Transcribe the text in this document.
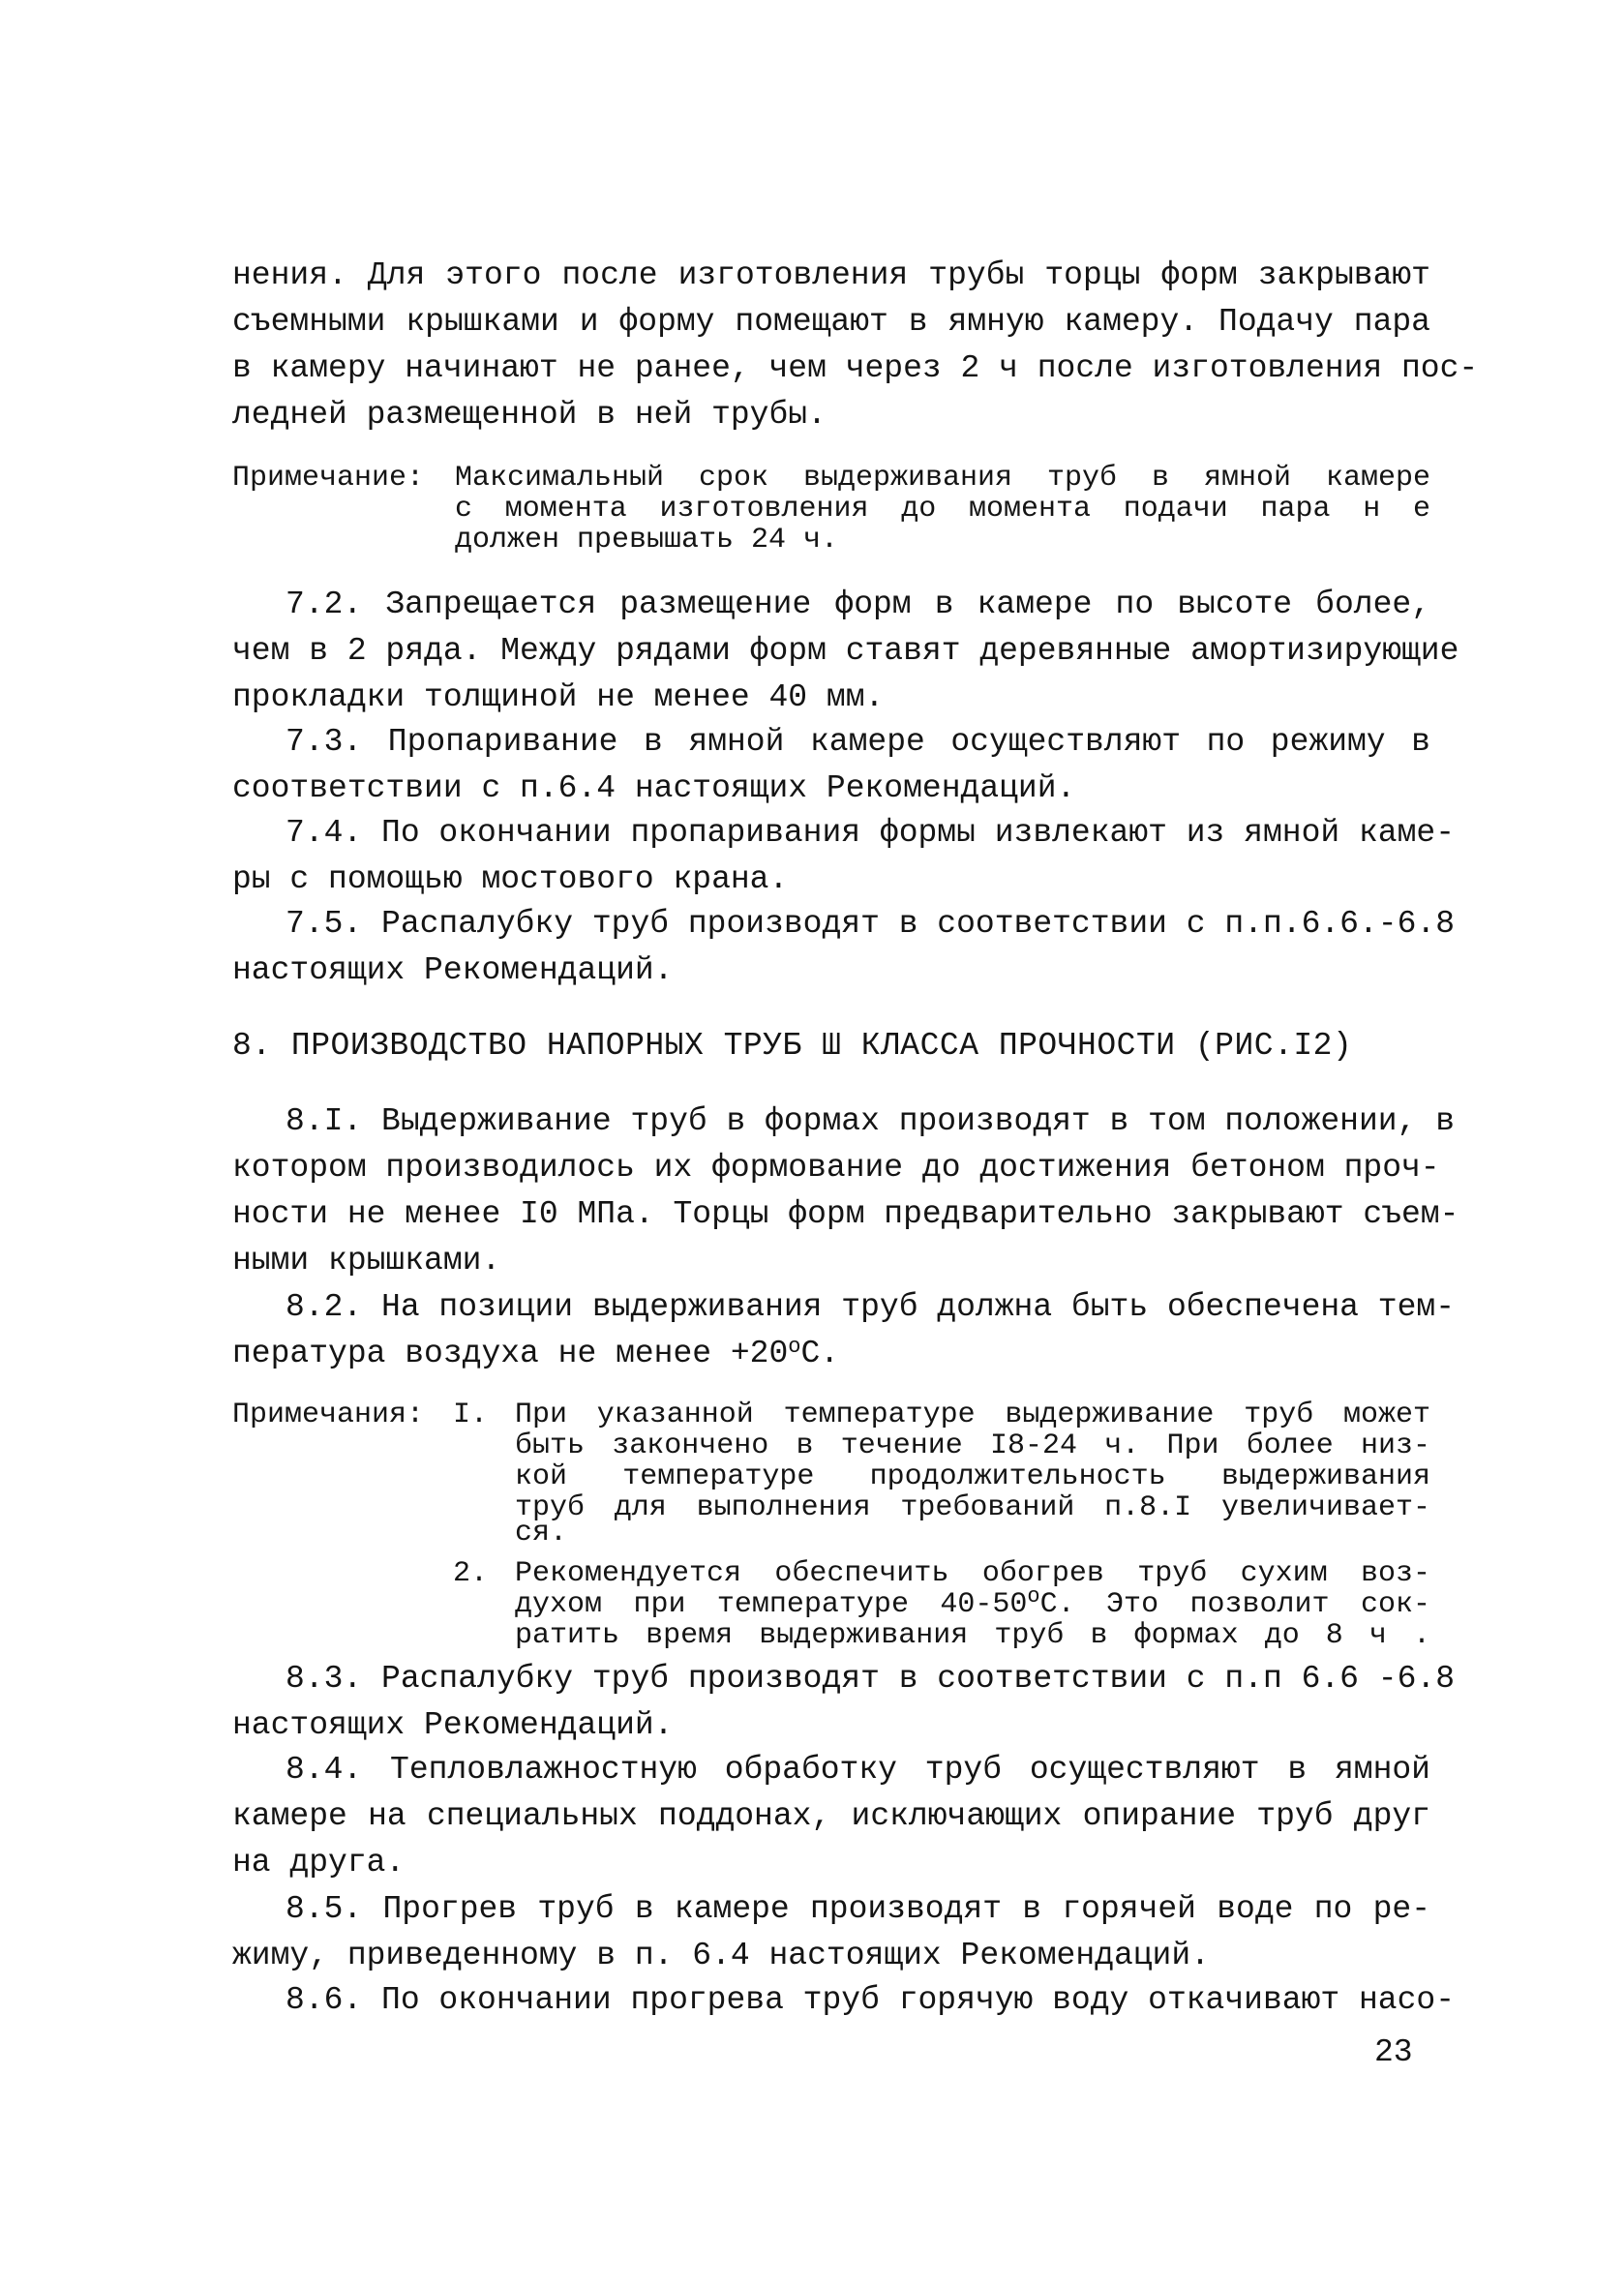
нения. Для этого после изготовления трубы торцы форм закрывают
съемными крышками и форму помещают в ямную камеру. Подачу пара
в камеру начинают не ранее, чем через 2 ч после изготовления пос-
ледней размещенной в ней трубы.
Примечание: Максимальный срок выдерживания труб в ямной камере
с момента изготовления до момента подачи пара н е
должен превышать 24 ч.
7.2. Запрещается размещение форм в камере по высоте более,
чем в 2 ряда. Между рядами форм ставят деревянные амортизирующие
прокладки толщиной не менее 40 мм.
7.3. Пропаривание в ямной камере осуществляют по режиму в
соответствии с п.6.4 настоящих Рекомендаций.
7.4. По окончании пропаривания формы извлекают из ямной каме-
ры с помощью мостового крана.
7.5. Распалубку труб производят в соответствии с п.п.6.6.-6.8
настоящих Рекомендаций.
8. ПРОИЗВОДСТВО НАПОРНЫХ ТРУБ Ш КЛАССА ПРОЧНОСТИ (РИС.I2)
8.I. Выдерживание труб в формах производят в том положении, в
котором производилось их формование до достижения бетоном проч-
ности не менее I0 МПа. Торцы форм предварительно закрывают съем-
ными крышками.
8.2. На позиции выдерживания труб должна быть обеспечена тем-
пература воздуха не менее $+20^оС$.
Примечания: I. При указанной температуре выдерживание труб может
быть закончено в течение I8-24 ч. При более низ-
кой температуре продолжительность выдерживания
труб для выполнения требований п.8.I увеличивает-
ся.
2. Рекомендуется обеспечить обогрев труб сухим воз-
духом при температуре $40-50^оС$. Это позволит сок-
ратить время выдерживания труб в формах до 8 ч .
8.3. Распалубку труб производят в соответствии с п.п 6.6 -6.8
настоящих Рекомендаций.
8.4. Тепловлажностную обработку труб осуществляют в ямной
камере на специальных поддонах, исключающих опирание труб друг
на друга.
8.5. Прогрев труб в камере производят в горячей воде по ре-
жиму, приведенному в п. 6.4 настоящих Рекомендаций.
8.6. По окончании прогрева труб горячую воду откачивают насо-
23
